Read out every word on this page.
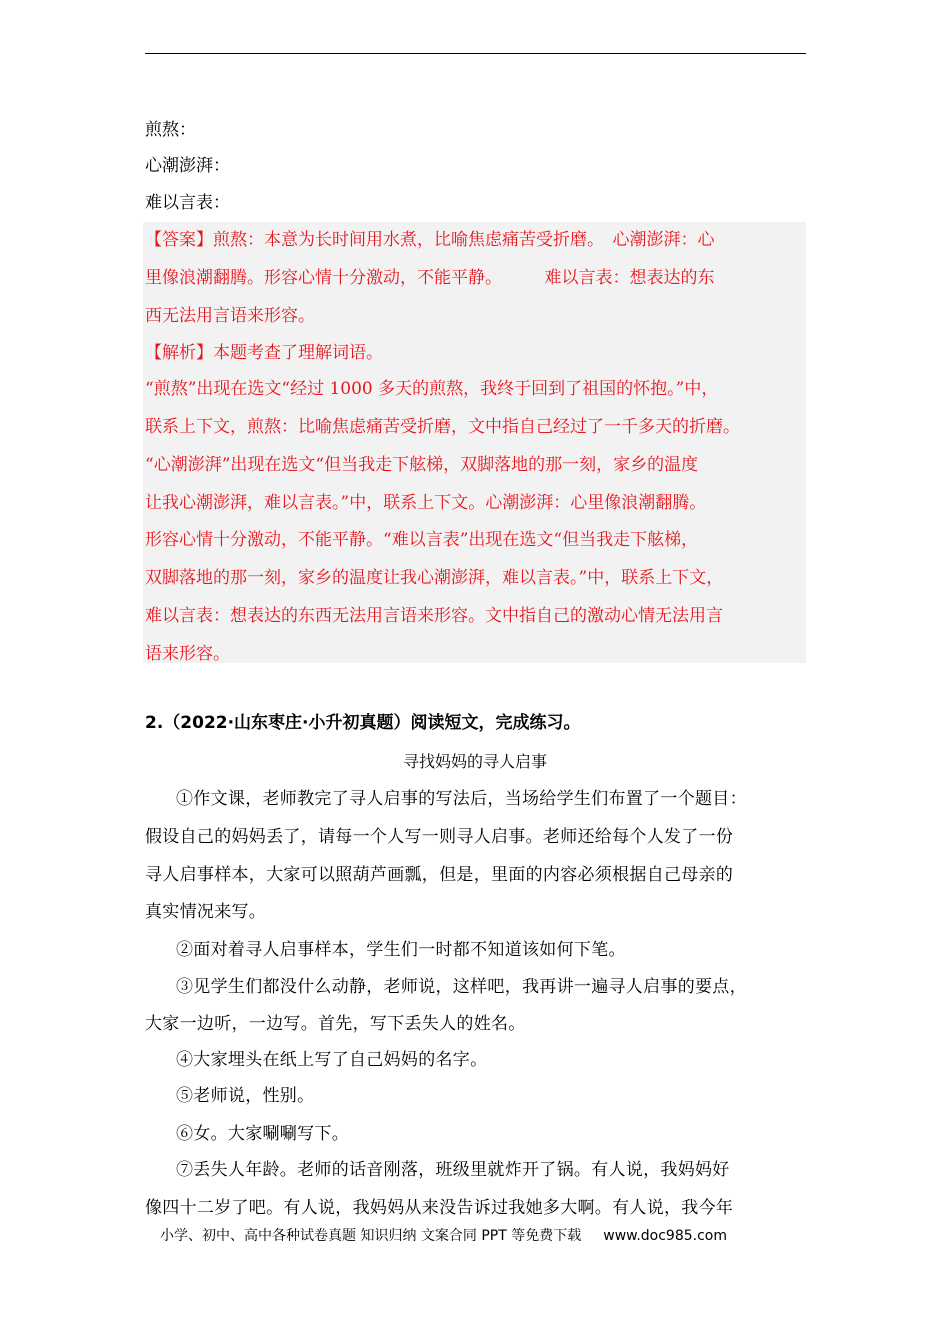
煎熬：
心潮澎湃：
难以言表：
【答案】煎熬：本意为长时间用水煮，比喻焦虑痛苦受折磨。　心潮澎湃：心
里像浪潮翻腾。形容心情十分激动，不能平静。　　　难以言表：想表达的东
西无法用言语来形容。
【解析】本题考查了理解词语。
“煎熬”出现在选文“经过 1000 多天的煎熬，我终于回到了祖国的怀抱。”中，
联系上下文，煎熬：比喻焦虑痛苦受折磨，文中指自己经过了一千多天的折磨。
“心潮澎湃”出现在选文“但当我走下舷梯，双脚落地的那一刻，家乡的温度
让我心潮澎湃，难以言表。”中，联系上下文。心潮澎湃：心里像浪潮翻腾。
形容心情十分激动，不能平静。“难以言表”出现在选文“但当我走下舷梯，
双脚落地的那一刻，家乡的温度让我心潮澎湃，难以言表。”中，联系上下文，
难以言表：想表达的东西无法用言语来形容。文中指自己的激动心情无法用言
语来形容。
2.（2022·山东枣庄·小升初真题）阅读短文，完成练习。
寻找妈妈的寻人启事
①作文课，老师教完了寻人启事的写法后，当场给学生们布置了一个题目：
假设自己的妈妈丢了，请每一个人写一则寻人启事。老师还给每个人发了一份
寻人启事样本，大家可以照葫芦画瓢，但是，里面的内容必须根据自己母亲的
真实情况来写。
②面对着寻人启事样本，学生们一时都不知道该如何下笔。
③见学生们都没什么动静，老师说，这样吧，我再讲一遍寻人启事的要点，
大家一边听，一边写。首先，写下丢失人的姓名。
④大家埋头在纸上写了自己妈妈的名字。
⑤老师说，性别。
⑥女。大家唰唰写下。
⑦丢失人年龄。老师的话音刚落，班级里就炸开了锅。有人说，我妈妈好
像四十二岁了吧。有人说，我妈妈从来没告诉过我她多大啊。有人说，我今年
小学、初中、高中各种试卷真题 知识归纳 文案合同 PPT 等免费下载 www.doc985.com
